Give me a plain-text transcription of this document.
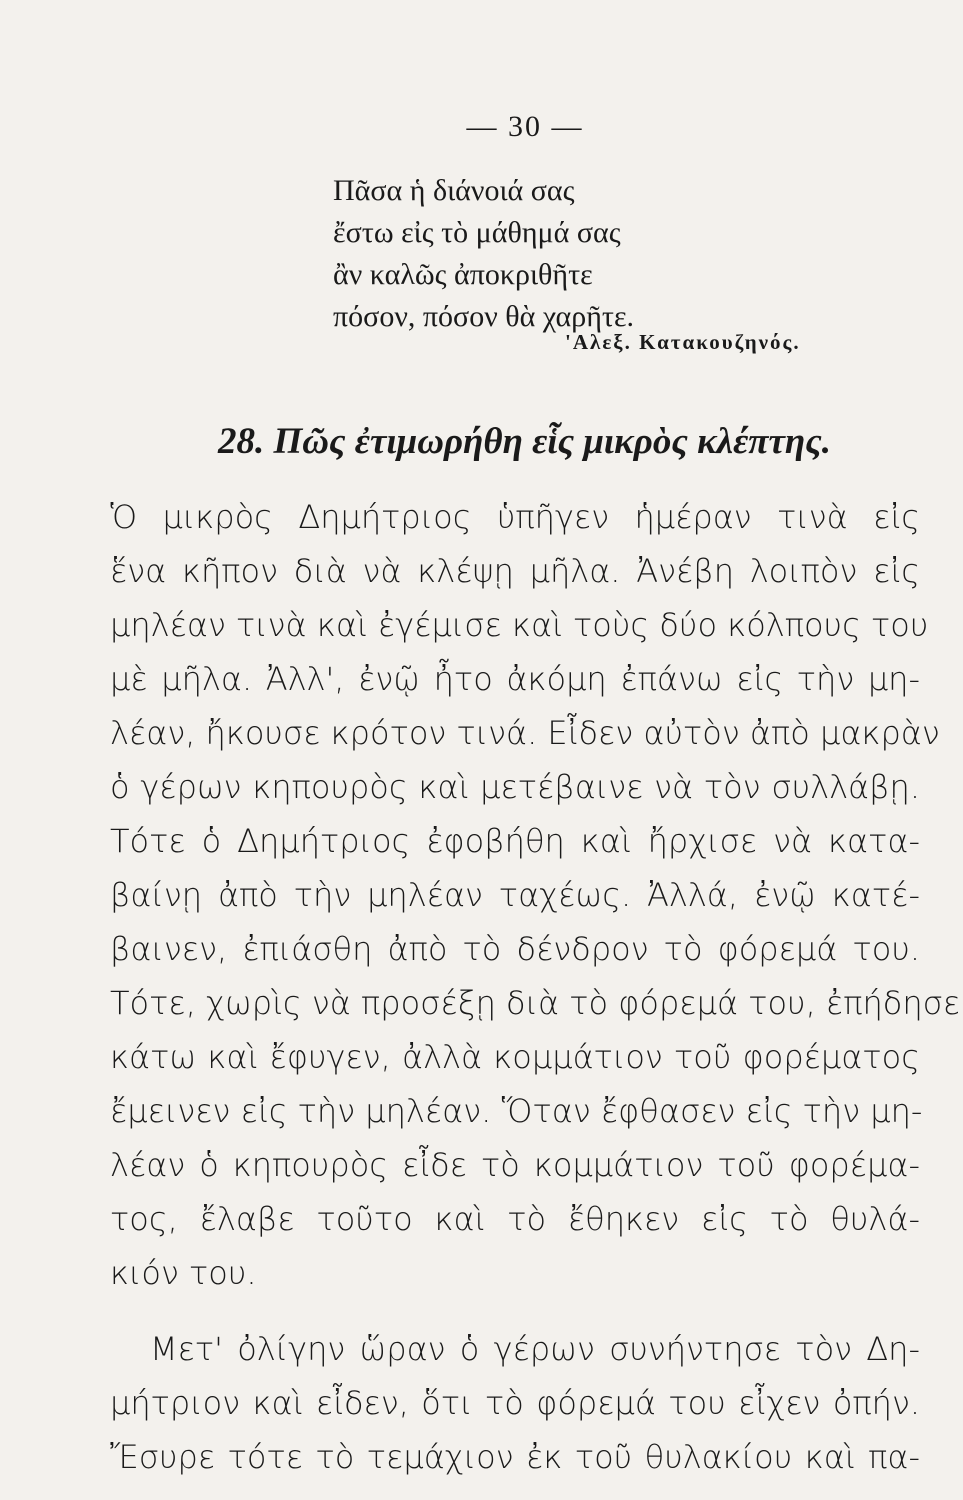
— 30 —
Πᾶσα ἡ διάνοιά σας
ἔστω εἰς τὸ μάθημά σας
ἂν καλῶς ἀποκριθῆτε
πόσον, πόσον θὰ χαρῆτε.
'Αλεξ. Κατακουζηνός.
28. Πῶς ἐτιμωρήθη εἷς μικρὸς κλέπτης.
Ὁ μικρὸς Δημήτριος ὑπῆγεν ἡμέραν τινὰ εἰς
ἕνα κῆπον διὰ νὰ κλέψῃ μῆλα. Ἀνέβη λοιπὸν εἰς
μηλέαν τινὰ καὶ ἐγέμισε καὶ τοὺς δύο κόλπους του
μὲ μῆλα. Ἀλλ', ἐνῷ ἦτο ἀκόμη ἐπάνω εἰς τὴν μη-
λέαν, ἤκουσε κρότον τινά. Εἶδεν αὐτὸν ἀπὸ μακρὰν
ὁ γέρων κηπουρὸς καὶ μετέβαινε νὰ τὸν συλλάβῃ.
Τότε ὁ Δημήτριος ἐφοβήθη καὶ ἤρχισε νὰ κατα-
βαίνῃ ἀπὸ τὴν μηλέαν ταχέως. Ἀλλά, ἐνῷ κατέ-
βαινεν, ἐπιάσθη ἀπὸ τὸ δένδρον τὸ φόρεμά του.
Τότε, χωρὶς νὰ προσέξῃ διὰ τὸ φόρεμά του, ἐπήδησε
κάτω καὶ ἔφυγεν, ἀλλὰ κομμάτιον τοῦ φορέματος
ἔμεινεν εἰς τὴν μηλέαν. Ὅταν ἔφθασεν εἰς τὴν μη-
λέαν ὁ κηπουρὸς εἶδε τὸ κομμάτιον τοῦ φορέμα-
τος, ἔλαβε τοῦτο καὶ τὸ ἔθηκεν εἰς τὸ θυλά-
κιόν του.
Μετ' ὀλίγην ὥραν ὁ γέρων συνήντησε τὸν Δη-
μήτριον καὶ εἶδεν, ὅτι τὸ φόρεμά του εἶχεν ὀπήν.
Ἔσυρε τότε τὸ τεμάχιον ἐκ τοῦ θυλακίου καὶ πα-
